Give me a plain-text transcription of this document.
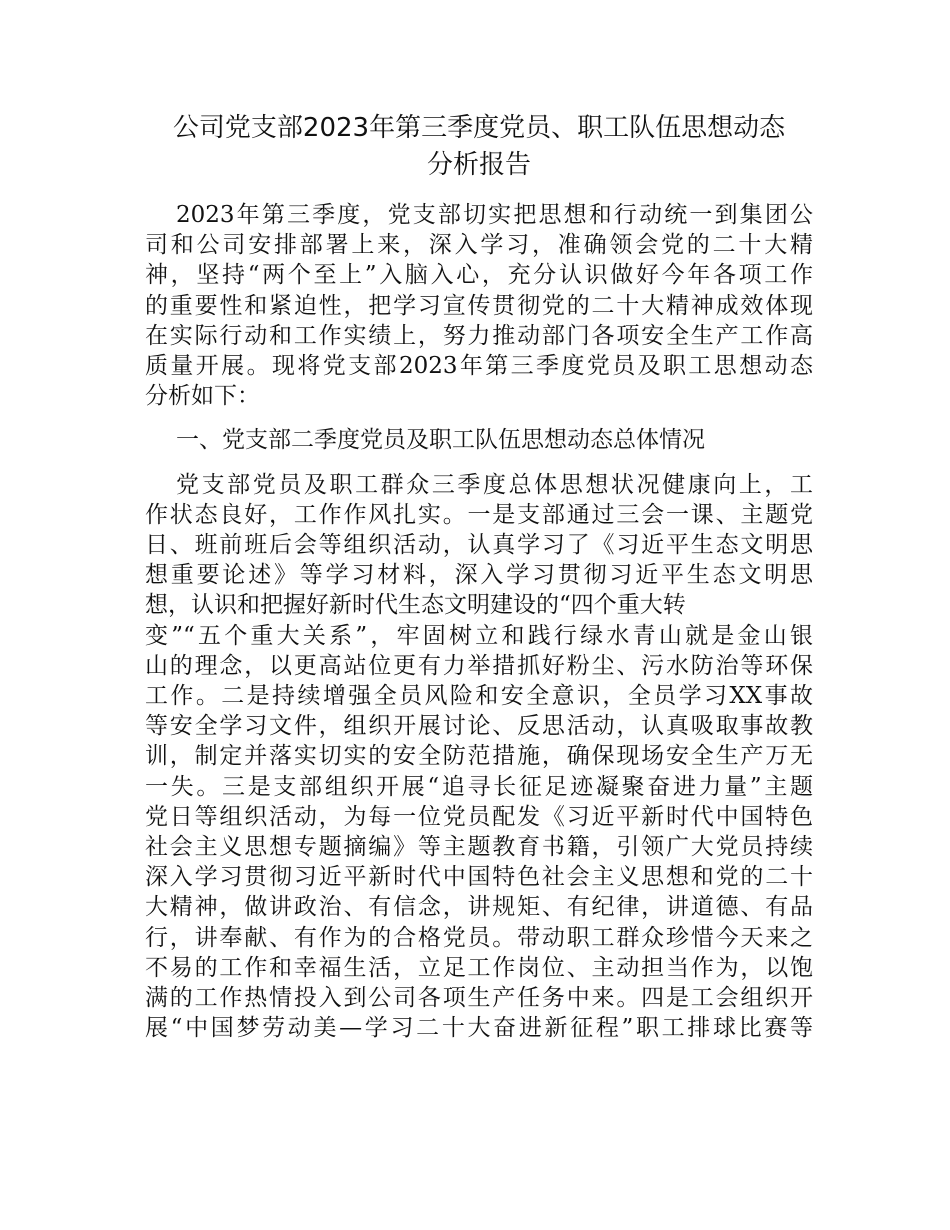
公司党支部2023年第三季度党员、职工队伍思想动态
分析报告

2023年第三季度，党支部切实把思想和行动统一到集团公
司和公司安排部署上来，深入学习，准确领会党的二十大精
神，坚持“两个至上”入脑入心，充分认识做好今年各项工作
的重要性和紧迫性，把学习宣传贯彻党的二十大精神成效体现
在实际行动和工作实绩上，努力推动部门各项安全生产工作高
质量开展。现将党支部2023年第三季度党员及职工思想动态
分析如下：

一、党支部二季度党员及职工队伍思想动态总体情况

党支部党员及职工群众三季度总体思想状况健康向上，工
作状态良好，工作作风扎实。一是支部通过三会一课、主题党
日、班前班后会等组织活动，认真学习了《习近平生态文明思
想重要论述》等学习材料，深入学习贯彻习近平生态文明思
想，认识和把握好新时代生态文明建设的“四个重大转
变”“五个重大关系”，牢固树立和践行绿水青山就是金山银
山的理念，以更高站位更有力举措抓好粉尘、污水防治等环保
工作。二是持续增强全员风险和安全意识，全员学习XX事故
等安全学习文件，组织开展讨论、反思活动，认真吸取事故教
训，制定并落实切实的安全防范措施，确保现场安全生产万无
一失。三是支部组织开展“追寻长征足迹凝聚奋进力量”主题
党日等组织活动，为每一位党员配发《习近平新时代中国特色
社会主义思想专题摘编》等主题教育书籍，引领广大党员持续
深入学习贯彻习近平新时代中国特色社会主义思想和党的二十
大精神，做讲政治、有信念，讲规矩、有纪律，讲道德、有品
行，讲奉献、有作为的合格党员。带动职工群众珍惜今天来之
不易的工作和幸福生活，立足工作岗位、主动担当作为，以饱
满的工作热情投入到公司各项生产任务中来。四是工会组织开
展“中国梦劳动美—学习二十大奋进新征程”职工排球比赛等
